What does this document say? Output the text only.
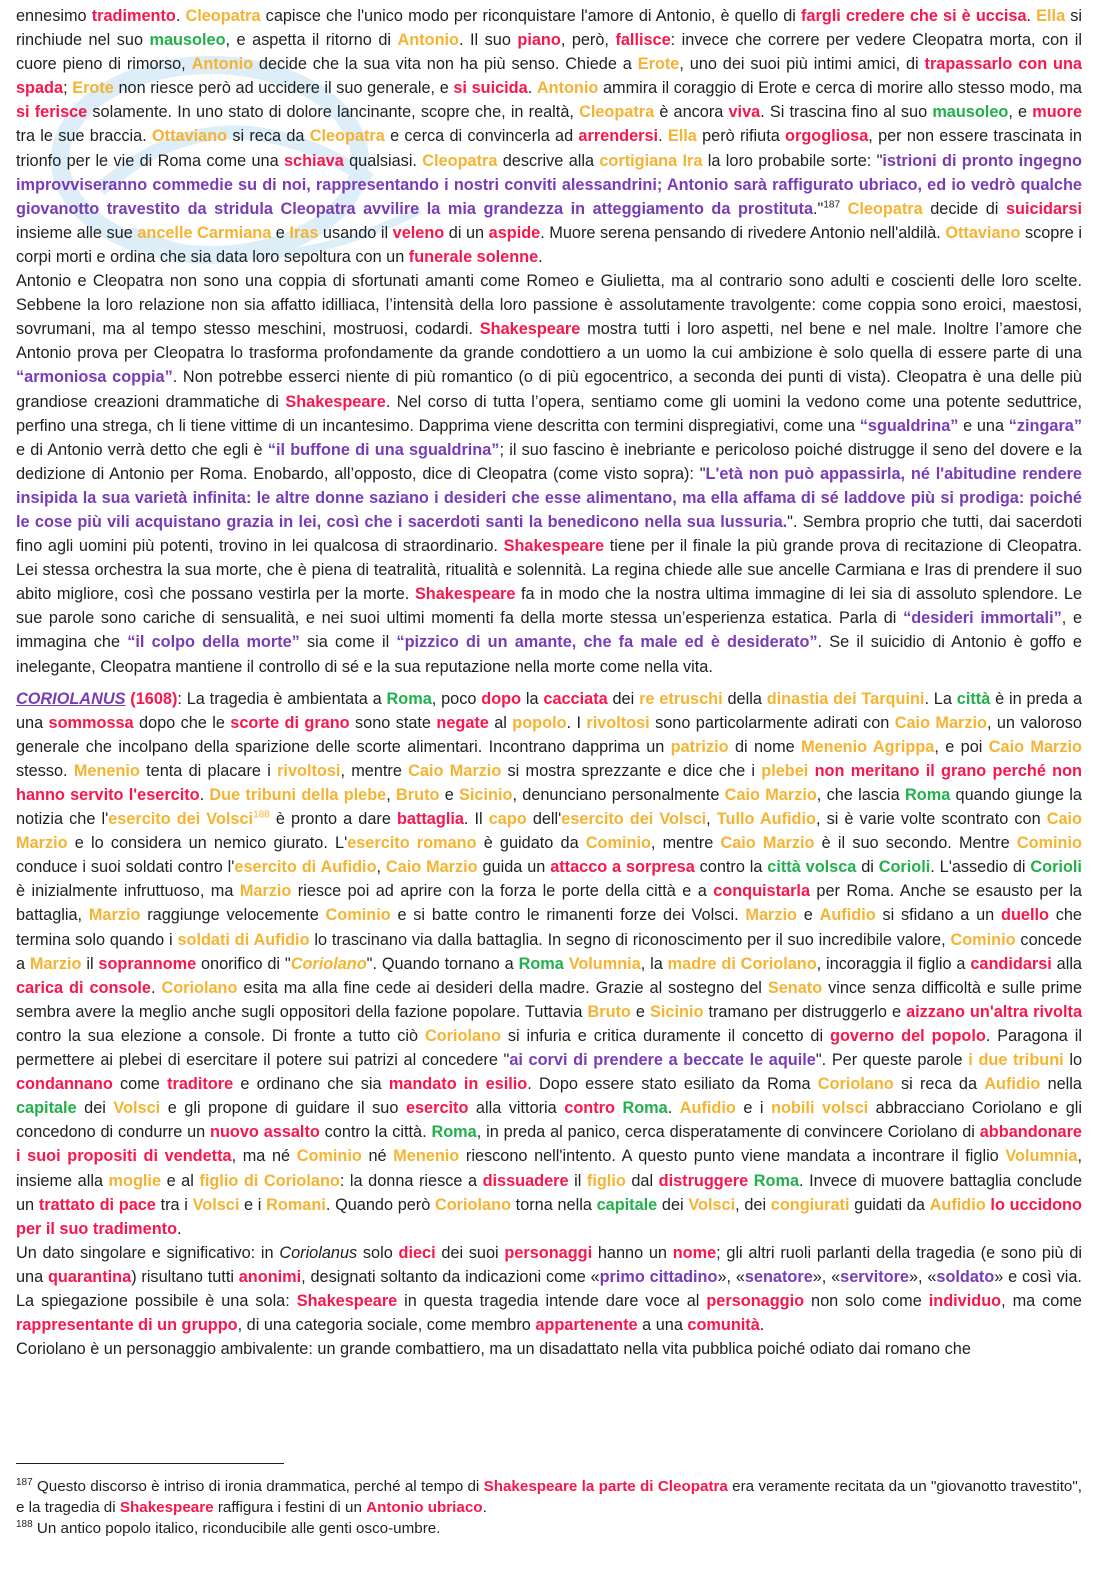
ennesimo tradimento. Cleopatra capisce che l'unico modo per riconquistare l'amore di Antonio, è quello di fargli credere che si è uccisa. Ella si rinchiude nel suo mausoleo, e aspetta il ritorno di Antonio. Il suo piano, però, fallisce: invece che correre per vedere Cleopatra morta, con il cuore pieno di rimorso, Antonio decide che la sua vita non ha più senso. Chiede a Erote, uno dei suoi più intimi amici, di trapassarlo con una spada; Erote non riesce però ad uccidere il suo generale, e si suicida. Antonio ammira il coraggio di Erote e cerca di morire allo stesso modo, ma si ferisce solamente. In uno stato di dolore lancinante, scopre che, in realtà, Cleopatra è ancora viva. Si trascina fino al suo mausoleo, e muore tra le sue braccia. Ottaviano si reca da Cleopatra e cerca di convincerla ad arrendersi. Ella però rifiuta orgogliosa, per non essere trascinata in trionfo per le vie di Roma come una schiava qualsiasi. Cleopatra descrive alla cortigiana Ira la loro probabile sorte: "istrioni di pronto ingegno improvviseranno commedie su di noi, rappresentando i nostri conviti alessandrini; Antonio sarà raffigurato ubriaco, ed io vedrò qualche giovanotto travestito da stridula Cleopatra avvilire la mia grandezza in atteggiamento da prostituta."$^{187}$ Cleopatra decide di suicidarsi insieme alle sue ancelle Carmiana e Iras usando il veleno di un aspide. Muore serena pensando di rivedere Antonio nell'aldilà. Ottaviano scopre i corpi morti e ordina che sia data loro sepoltura con un funerale solenne.

Antonio e Cleopatra non sono una coppia di sfortunati amanti come Romeo e Giulietta, ma al contrario sono adulti e coscienti delle loro scelte. Sebbene la loro relazione non sia affatto idilliaca, l’intensità della loro passione è assolutamente travolgente: come coppia sono eroici, maestosi, sovrumani, ma al tempo stesso meschini, mostruosi, codardi. Shakespeare mostra tutti i loro aspetti, nel bene e nel male. Inoltre l’amore che Antonio prova per Cleopatra lo trasforma profondamente da grande condottiero a un uomo la cui ambizione è solo quella di essere parte di una “armoniosa coppia”. Non potrebbe esserci niente di più romantico (o di più egocentrico, a seconda dei punti di vista). Cleopatra è una delle più grandiose creazioni drammatiche di Shakespeare. Nel corso di tutta l’opera, sentiamo come gli uomini la vedono come una potente seduttrice, perfino una strega, ch li tiene vittime di un incantesimo. Dapprima viene descritta con termini dispregiativi, come una “sgualdrina” e una “zingara” e di Antonio verrà detto che egli è “il buffone di una sgualdrina”; il suo fascino è inebriante e pericoloso poiché distrugge il seno del dovere e la dedizione di Antonio per Roma. Enobardo, all’opposto, dice di Cleopatra (come visto sopra): "L'età non può appassirla, né l'abitudine rendere insipida la sua varietà infinita: le altre donne saziano i desideri che esse alimentano, ma ella affama di sé laddove più si prodiga: poiché le cose più vili acquistano grazia in lei, così che i sacerdoti santi la benedicono nella sua lussuria.". Sembra proprio che tutti, dai sacerdoti fino agli uomini più potenti, trovino in lei qualcosa di straordinario. Shakespeare tiene per il finale la più grande prova di recitazione di Cleopatra. Lei stessa orchestra la sua morte, che è piena di teatralità, ritualità e solennità. La regina chiede alle sue ancelle Carmiana e Iras di prendere il suo abito migliore, così che possano vestirla per la morte. Shakespeare fa in modo che la nostra ultima immagine di lei sia di assoluto splendore. Le sue parole sono cariche di sensualità, e nei suoi ultimi momenti fa della morte stessa un’esperienza estatica. Parla di “desideri immortali”, e immagina che “il colpo della morte” sia come il “pizzico di un amante, che fa male ed è desiderato”. Se il suicidio di Antonio è goffo e inelegante, Cleopatra mantiene il controllo di sé e la sua reputazione nella morte come nella vita.

CORIOLANUS (1608): La tragedia è ambientata a Roma, poco dopo la cacciata dei re etruschi della dinastia dei Tarquini. La città è in preda a una sommossa dopo che le scorte di grano sono state negate al popolo. I rivoltosi sono particolarmente adirati con Caio Marzio, un valoroso generale che incolpano della sparizione delle scorte alimentari. Incontrano dapprima un patrizio di nome Menenio Agrippa, e poi Caio Marzio stesso. Menenio tenta di placare i rivoltosi, mentre Caio Marzio si mostra sprezzante e dice che i plebei non meritano il grano perché non hanno servito l'esercito. Due tribuni della plebe, Bruto e Sicinio, denunciano personalmente Caio Marzio, che lascia Roma quando giunge la notizia che l'esercito dei Volsci$^{188}$ è pronto a dare battaglia. Il capo dell'esercito dei Volsci, Tullo Aufidio, si è varie volte scontrato con Caio Marzio e lo considera un nemico giurato. L'esercito romano è guidato da Cominio, mentre Caio Marzio è il suo secondo. Mentre Cominio conduce i suoi soldati contro l'esercito di Aufidio, Caio Marzio guida un attacco a sorpresa contro la città volsca di Corioli. L'assedio di Corioli è inizialmente infruttuoso, ma Marzio riesce poi ad aprire con la forza le porte della città e a conquistarla per Roma. Anche se esausto per la battaglia, Marzio raggiunge velocemente Cominio e si batte contro le rimanenti forze dei Volsci. Marzio e Aufidio si sfidano a un duello che termina solo quando i soldati di Aufidio lo trascinano via dalla battaglia. In segno di riconoscimento per il suo incredibile valore, Cominio concede a Marzio il soprannome onorifico di "Coriolano". Quando tornano a Roma Volumnia, la madre di Coriolano, incoraggia il figlio a candidarsi alla carica di console. Coriolano esita ma alla fine cede ai desideri della madre. Grazie al sostegno del Senato vince senza difficoltà e sulle prime sembra avere la meglio anche sugli oppositori della fazione popolare. Tuttavia Bruto e Sicinio tramano per distruggerlo e aizzano un'altra rivolta contro la sua elezione a console. Di fronte a tutto ciò Coriolano si infuria e critica duramente il concetto di governo del popolo. Paragona il permettere ai plebei di esercitare il potere sui patrizi al concedere "ai corvi di prendere a beccate le aquile". Per queste parole i due tribuni lo condannano come traditore e ordinano che sia mandato in esilio. Dopo essere stato esiliato da Roma Coriolano si reca da Aufidio nella capitale dei Volsci e gli propone di guidare il suo esercito alla vittoria contro Roma. Aufidio e i nobili volsci abbracciano Coriolano e gli concedono di condurre un nuovo assalto contro la città. Roma, in preda al panico, cerca disperatamente di convincere Coriolano di abbandonare i suoi propositi di vendetta, ma né Cominio né Menenio riescono nell'intento. A questo punto viene mandata a incontrare il figlio Volumnia, insieme alla moglie e al figlio di Coriolano: la donna riesce a dissuadere il figlio dal distruggere Roma. Invece di muovere battaglia conclude un trattato di pace tra i Volsci e i Romani. Quando però Coriolano torna nella capitale dei Volsci, dei congiurati guidati da Aufidio lo uccidono per il suo tradimento.

Un dato singolare e significativo: in Coriolanus solo dieci dei suoi personaggi hanno un nome; gli altri ruoli parlanti della tragedia (e sono più di una quarantina) risultano tutti anonimi, designati soltanto da indicazioni come «primo cittadino», «senatore», «servitore», «soldato» e così via. La spiegazione possibile è una sola: Shakespeare in questa tragedia intende dare voce al personaggio non solo come individuo, ma come rappresentante di un gruppo, di una categoria sociale, come membro appartenente a una comunità.

Coriolano è un personaggio ambivalente: un grande combattiero, ma un disadattato nella vita pubblica poiché odiato dai romano che

$^{187}$ Questo discorso è intriso di ironia drammatica, perché al tempo di Shakespeare la parte di Cleopatra era veramente recitata da un "giovanotto travestito", e la tragedia di Shakespeare raffigura i festini di un Antonio ubriaco.

$^{188}$ Un antico popolo italico, riconducibile alle genti osco-umbre.
